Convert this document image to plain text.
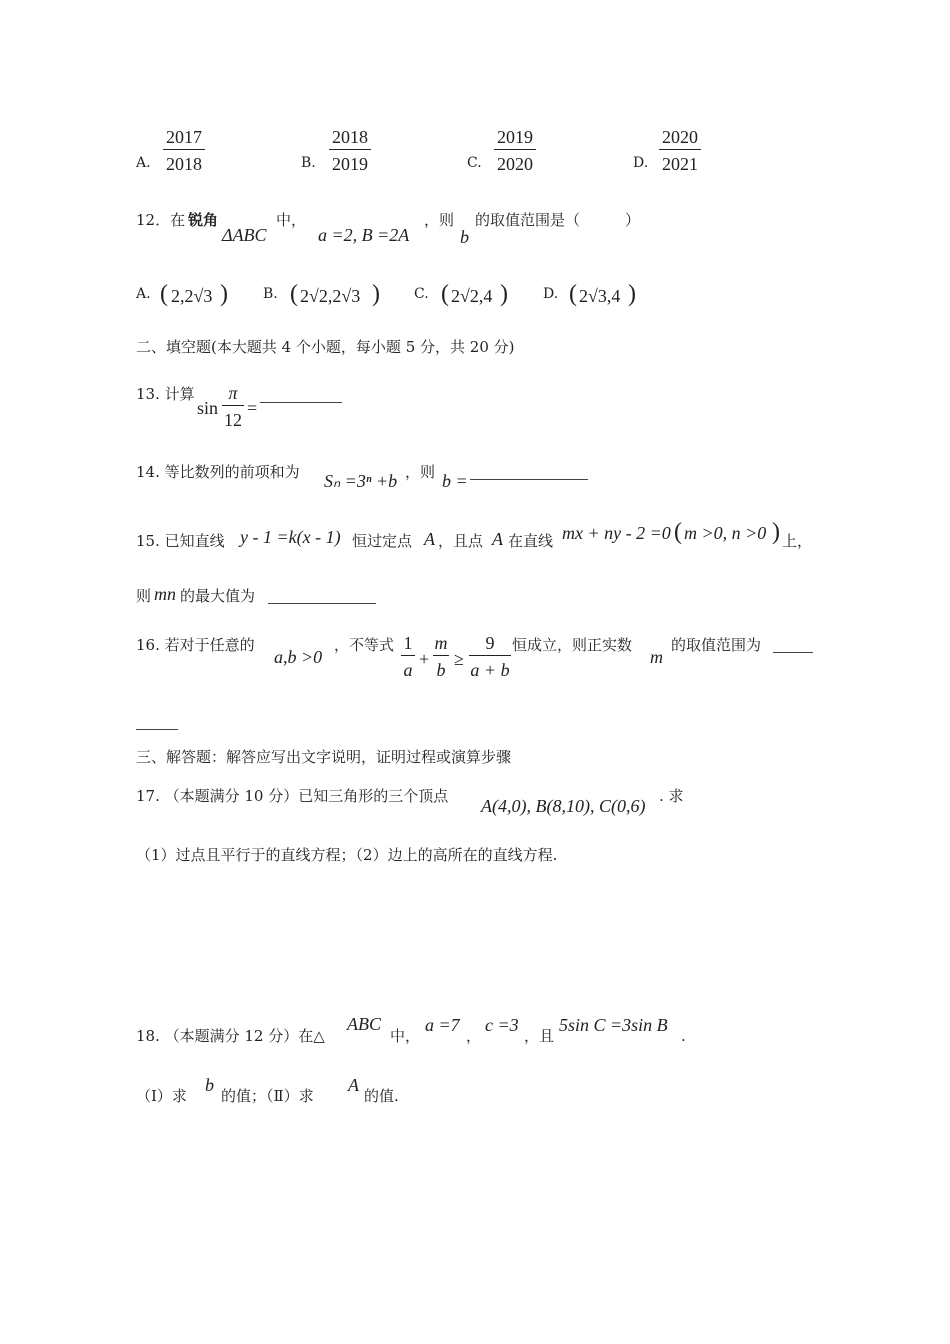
A.
2017
2018	B.
2018
2019	C.
2019
2020	D.
2020
2021
12．在 锐角
ΔABC
中，
a =2, B =2A
，则
b
的取值范围是（　　　）
A. ( 2,2√3 )	B. ( 2√2,2√3 ) C. ( 2√2,4 )	D. ( 2√3,4 )
二、填空题(本大题共 4 个小题，每小题 5 分，共 20 分)
13. 计算
sin
π
12
=
14. 等比数列的前项和为 Sₙ =3ⁿ +b ，则 b =
15. 已知直线 y - 1 =k(x - 1) 恒过定点 A ，且点 A 在直线 mx + ny - 2 =0 ( m >0, n >0 ) 上，
则 mn 的最大值为
16. 若对于任意的
a,b >0
，不等式 1
a
+
m
b
≥
9
a + b
恒成立，则正实数
m
的取值范围为
三、解答题：解答应写出文字说明，证明过程或演算步骤
17. （本题满分 10 分）已知三角形的三个顶点 A(4,0), B(8,10), C(0,6) . 求
（1）过点且平行于的直线方程；（2）边上的高所在的直线方程.
18. （本题满分 12 分）在△
ABC
中，
a =7
，
c =3
，且
5sin C =3sin B
.
（Ⅰ）求
b
的值；（Ⅱ）求
A
的值.
